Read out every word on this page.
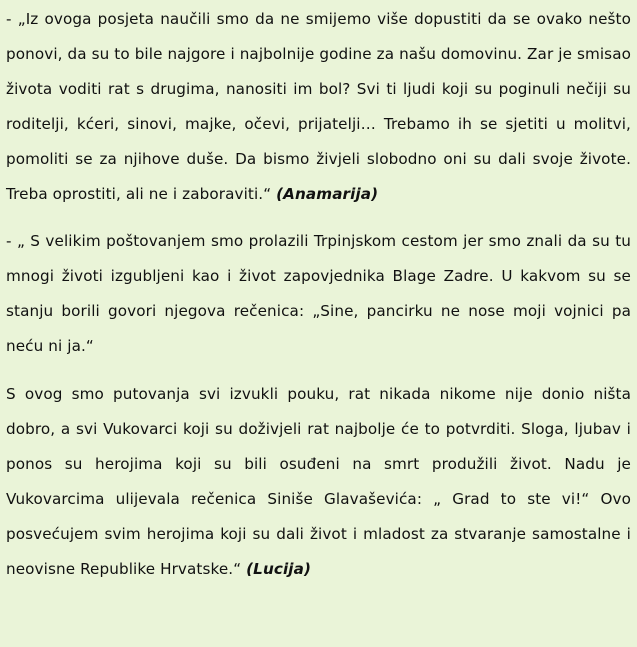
- „Iz ovoga posjeta naučili smo da ne smijemo više dopustiti da se ovako nešto ponovi, da su to bile najgore i najbolnije godine za našu domovinu. Zar je smisao života voditi rat s drugima, nanositi im bol? Svi ti ljudi koji su poginuli nečiji su roditelji, kćeri, sinovi, majke, očevi, prijatelji… Trebamo ih se sjetiti u molitvi, pomoliti se za njihove duše. Da bismo živjeli slobodno oni su dali svoje živote. Treba oprostiti, ali ne i zaboraviti.“ (Anamarija)

- „ S velikim poštovanjem smo prolazili Trpinjskom cestom jer smo znali da su tu mnogi životi izgubljeni kao i život zapovjednika Blage Zadre. U kakvom su se stanju borili govori njegova rečenica: „Sine, pancirku ne nose moji vojnici pa neću ni ja.“

S ovog smo putovanja svi izvukli pouku, rat nikada nikome nije donio ništa dobro, a svi Vukovarci koji su doživjeli rat najbolje će to potvrditi. Sloga, ljubav i ponos su herojima koji su bili osuđeni na smrt produžili život. Nadu je Vukovarcima ulijevala rečenica Siniše Glavaševića: „ Grad to ste vi!“ Ovo posvećujem svim herojima koji su dali život i mladost za stvaranje samostalne i neovisne Republike Hrvatske.“ (Lucija)
